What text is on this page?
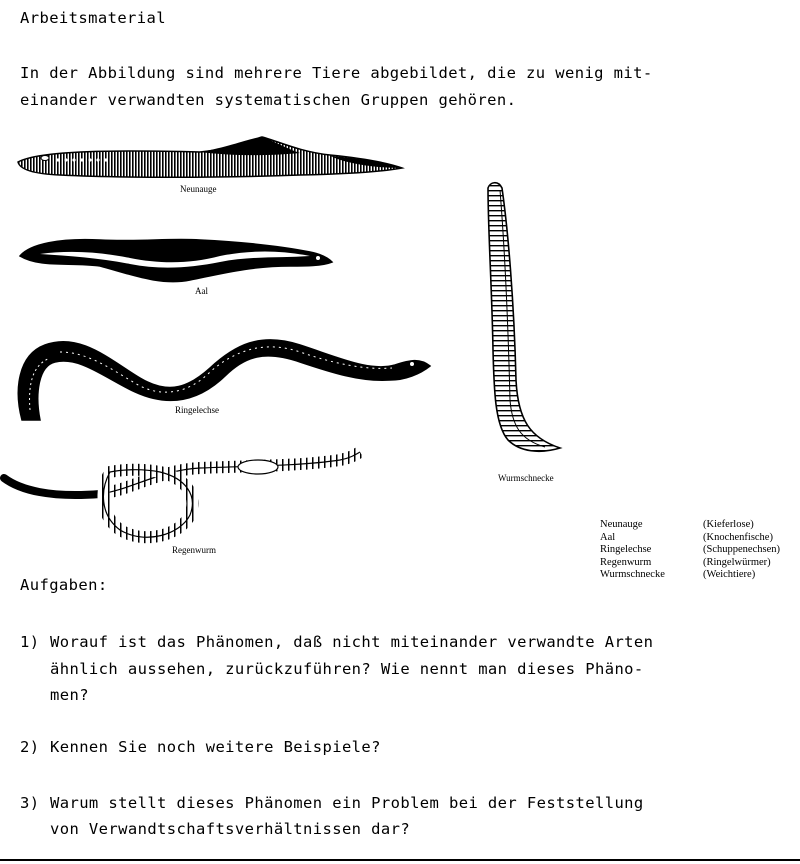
Arbeitsmaterial
In der Abbildung sind mehrere Tiere abgebildet, die zu wenig mit-
einander verwandten systematischen Gruppen gehören.
Neunauge
Aal
Ringelechse
Regenwurm
Wurmschnecke
Neunauge	(Kieferlose)
Aal	(Knochenfische)
Ringelechse	(Schuppenechsen)
Regenwurm	(Ringelwürmer)
Wurmschnecke	(Weichtiere)
Aufgaben:
1) Worauf ist das Phänomen, daß nicht miteinander verwandte Arten
ähnlich aussehen, zurückzuführen? Wie nennt man dieses Phäno-
men?
2) Kennen Sie noch weitere Beispiele?
3) Warum stellt dieses Phänomen ein Problem bei der Feststellung
von Verwandtschaftsverhältnissen dar?
